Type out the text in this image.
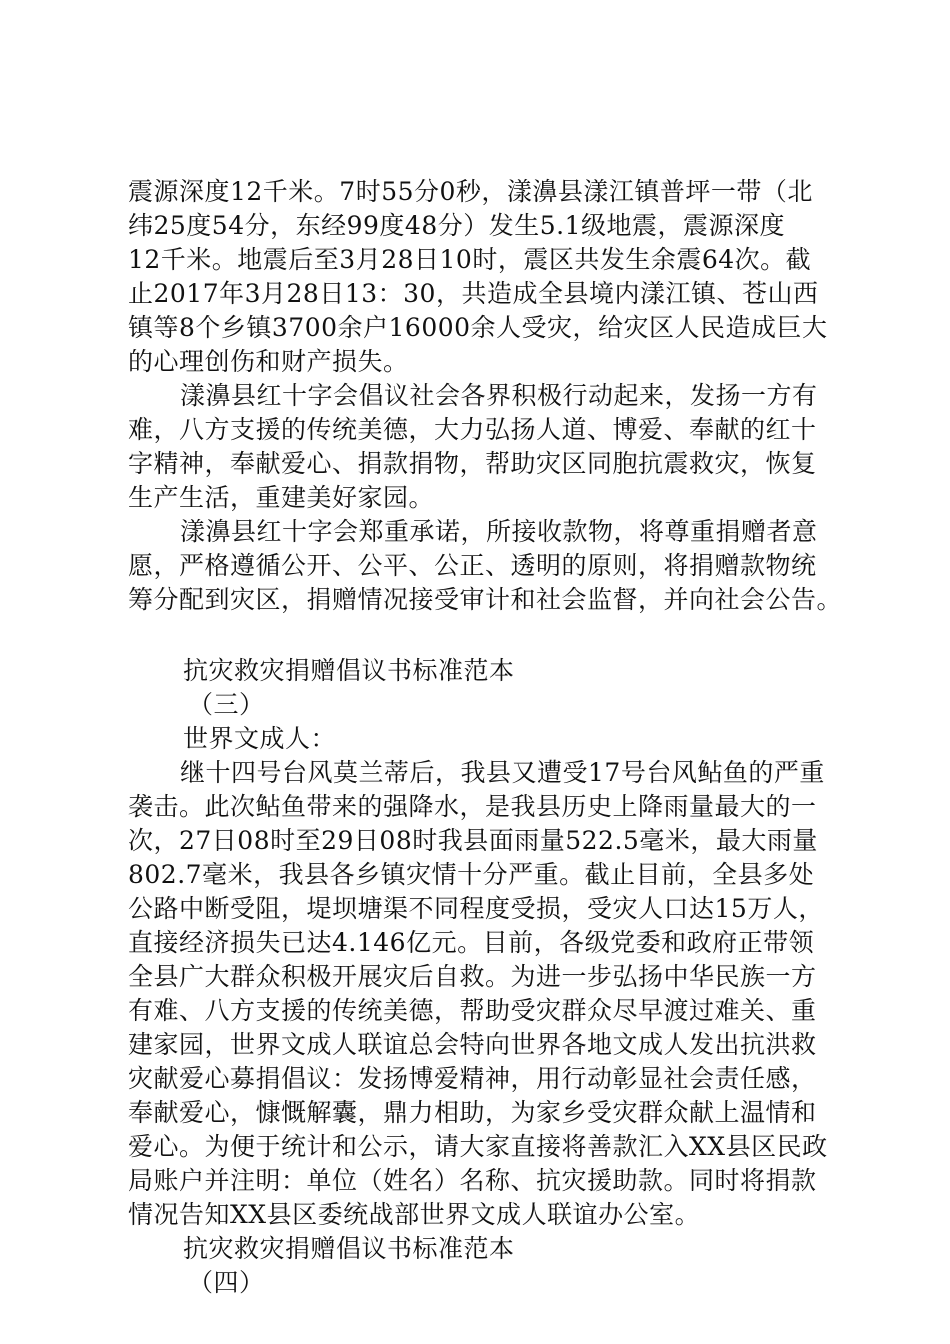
震源深度12千米。7时55分0秒，漾濞县漾江镇普坪一带（北
纬25度54分，东经99度48分）发生5.1级地震，震源深度
12千米。地震后至3月28日10时，震区共发生余震64次。截
止2017年3月28日13：30，共造成全县境内漾江镇、苍山西
镇等8个乡镇3700余户16000余人受灾，给灾区人民造成巨大
的心理创伤和财产损失。
漾濞县红十字会倡议社会各界积极行动起来，发扬一方有
难，八方支援的传统美德，大力弘扬人道、博爱、奉献的红十
字精神，奉献爱心、捐款捐物，帮助灾区同胞抗震救灾，恢复
生产生活，重建美好家园。
漾濞县红十字会郑重承诺，所接收款物，将尊重捐赠者意
愿，严格遵循公开、公平、公正、透明的原则，将捐赠款物统
筹分配到灾区，捐赠情况接受审计和社会监督，并向社会公告。
抗灾救灾捐赠倡议书标准范本
（三）
世界文成人：
继十四号台风莫兰蒂后，我县又遭受17号台风鲇鱼的严重
袭击。此次鲇鱼带来的强降水，是我县历史上降雨量最大的一
次，27日08时至29日08时我县面雨量522.5毫米，最大雨量
802.7毫米，我县各乡镇灾情十分严重。截止目前，全县多处
公路中断受阻，堤坝塘渠不同程度受损，受灾人口达15万人，
直接经济损失已达4.146亿元。目前，各级党委和政府正带领
全县广大群众积极开展灾后自救。为进一步弘扬中华民族一方
有难、八方支援的传统美德，帮助受灾群众尽早渡过难关、重
建家园，世界文成人联谊总会特向世界各地文成人发出抗洪救
灾献爱心募捐倡议：发扬博爱精神，用行动彰显社会责任感，
奉献爱心，慷慨解囊，鼎力相助，为家乡受灾群众献上温情和
爱心。为便于统计和公示，请大家直接将善款汇入XX县区民政
局账户并注明：单位（姓名）名称、抗灾援助款。同时将捐款
情况告知XX县区委统战部世界文成人联谊办公室。
抗灾救灾捐赠倡议书标准范本
（四）
